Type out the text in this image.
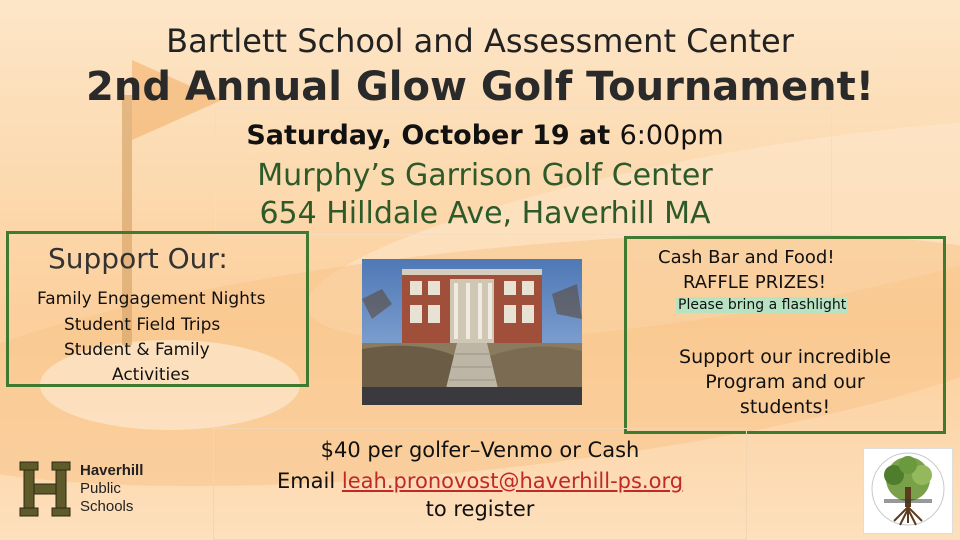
Bartlett School and Assessment Center
2nd Annual Glow Golf Tournament!
Saturday, October 19 at 6:00pm
Murphy’s Garrison Golf Center
654 Hilldale Ave, Haverhill MA
Support Our:
Family Engagement Nights
Student Field Trips
Student & Family
Activities
Cash Bar and Food!
RAFFLE PRIZES!
Please bring a flashlight
Support our incredible
Program and our
students!
$40 per golfer–Venmo or Cash
Email leah.pronovost@haverhill-ps.org
to register
Haverhill
Public
Schools
